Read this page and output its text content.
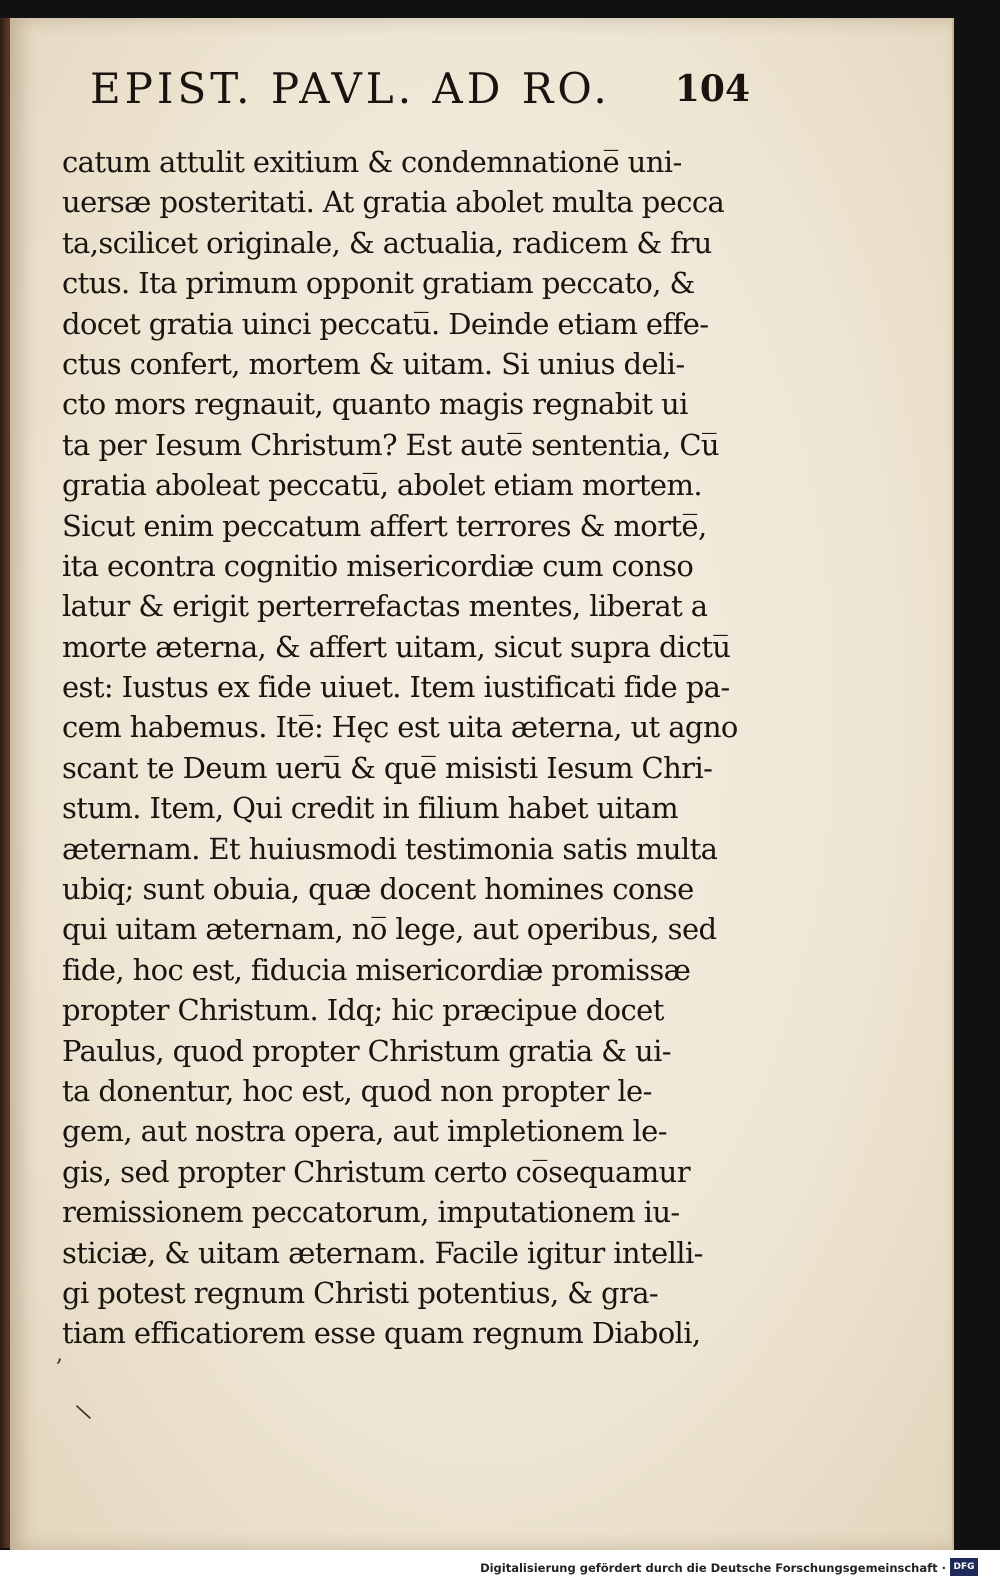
EPIST. PAVL. AD RO. 104
catum attulit exitium & condemnatione̅ uni-
uersæ posteritati. At gratia abolet multa pecca
ta,scilicet originale, & actualia, radicem & fru
ctus. Ita primum opponit gratiam peccato, &
docet gratia uinci peccatu̅. Deinde etiam effe-
ctus confert, mortem & uitam. Si unius deli-
cto mors regnauit, quanto magis regnabit ui
ta per Iesum Christum? Est aute̅ sententia, Cu̅
gratia aboleat peccatu̅, abolet etiam mortem.
Sicut enim peccatum affert terrores & morte̅,
ita econtra cognitio misericordiæ cum conso
latur & erigit perterrefactas mentes, liberat a
morte æterna, & affert uitam, sicut supra dictu̅
est: Iustus ex fide uiuet. Item iustificati fide pa-
cem habemus. Ite̅: Hęc est uita æterna, ut agno
scant te Deum ueru̅ & que̅ misisti Iesum Chri-
stum. Item, Qui credit in filium habet uitam
æternam. Et huiusmodi testimonia satis multa
ubiq; sunt obuia, quæ docent homines conse
qui uitam æternam, no̅ lege, aut operibus, sed
fide, hoc est, fiducia misericordiæ promissæ
propter Christum. Idq; hic præcipue docet
Paulus, quod propter Christum gratia & ui-
ta donentur, hoc est, quod non propter le-
gem, aut nostra opera, aut impletionem le-
gis, sed propter Christum certo co̅sequamur
remissionem peccatorum, imputationem iu-
sticiæ, & uitam æternam. Facile igitur intelli-
gi potest regnum Christi potentius, & gra-
tiam efficatiorem esse quam regnum Diaboli,
,
\
Digitalisierung gefördert durch die Deutsche Forschungsgemeinschaft · DFG
